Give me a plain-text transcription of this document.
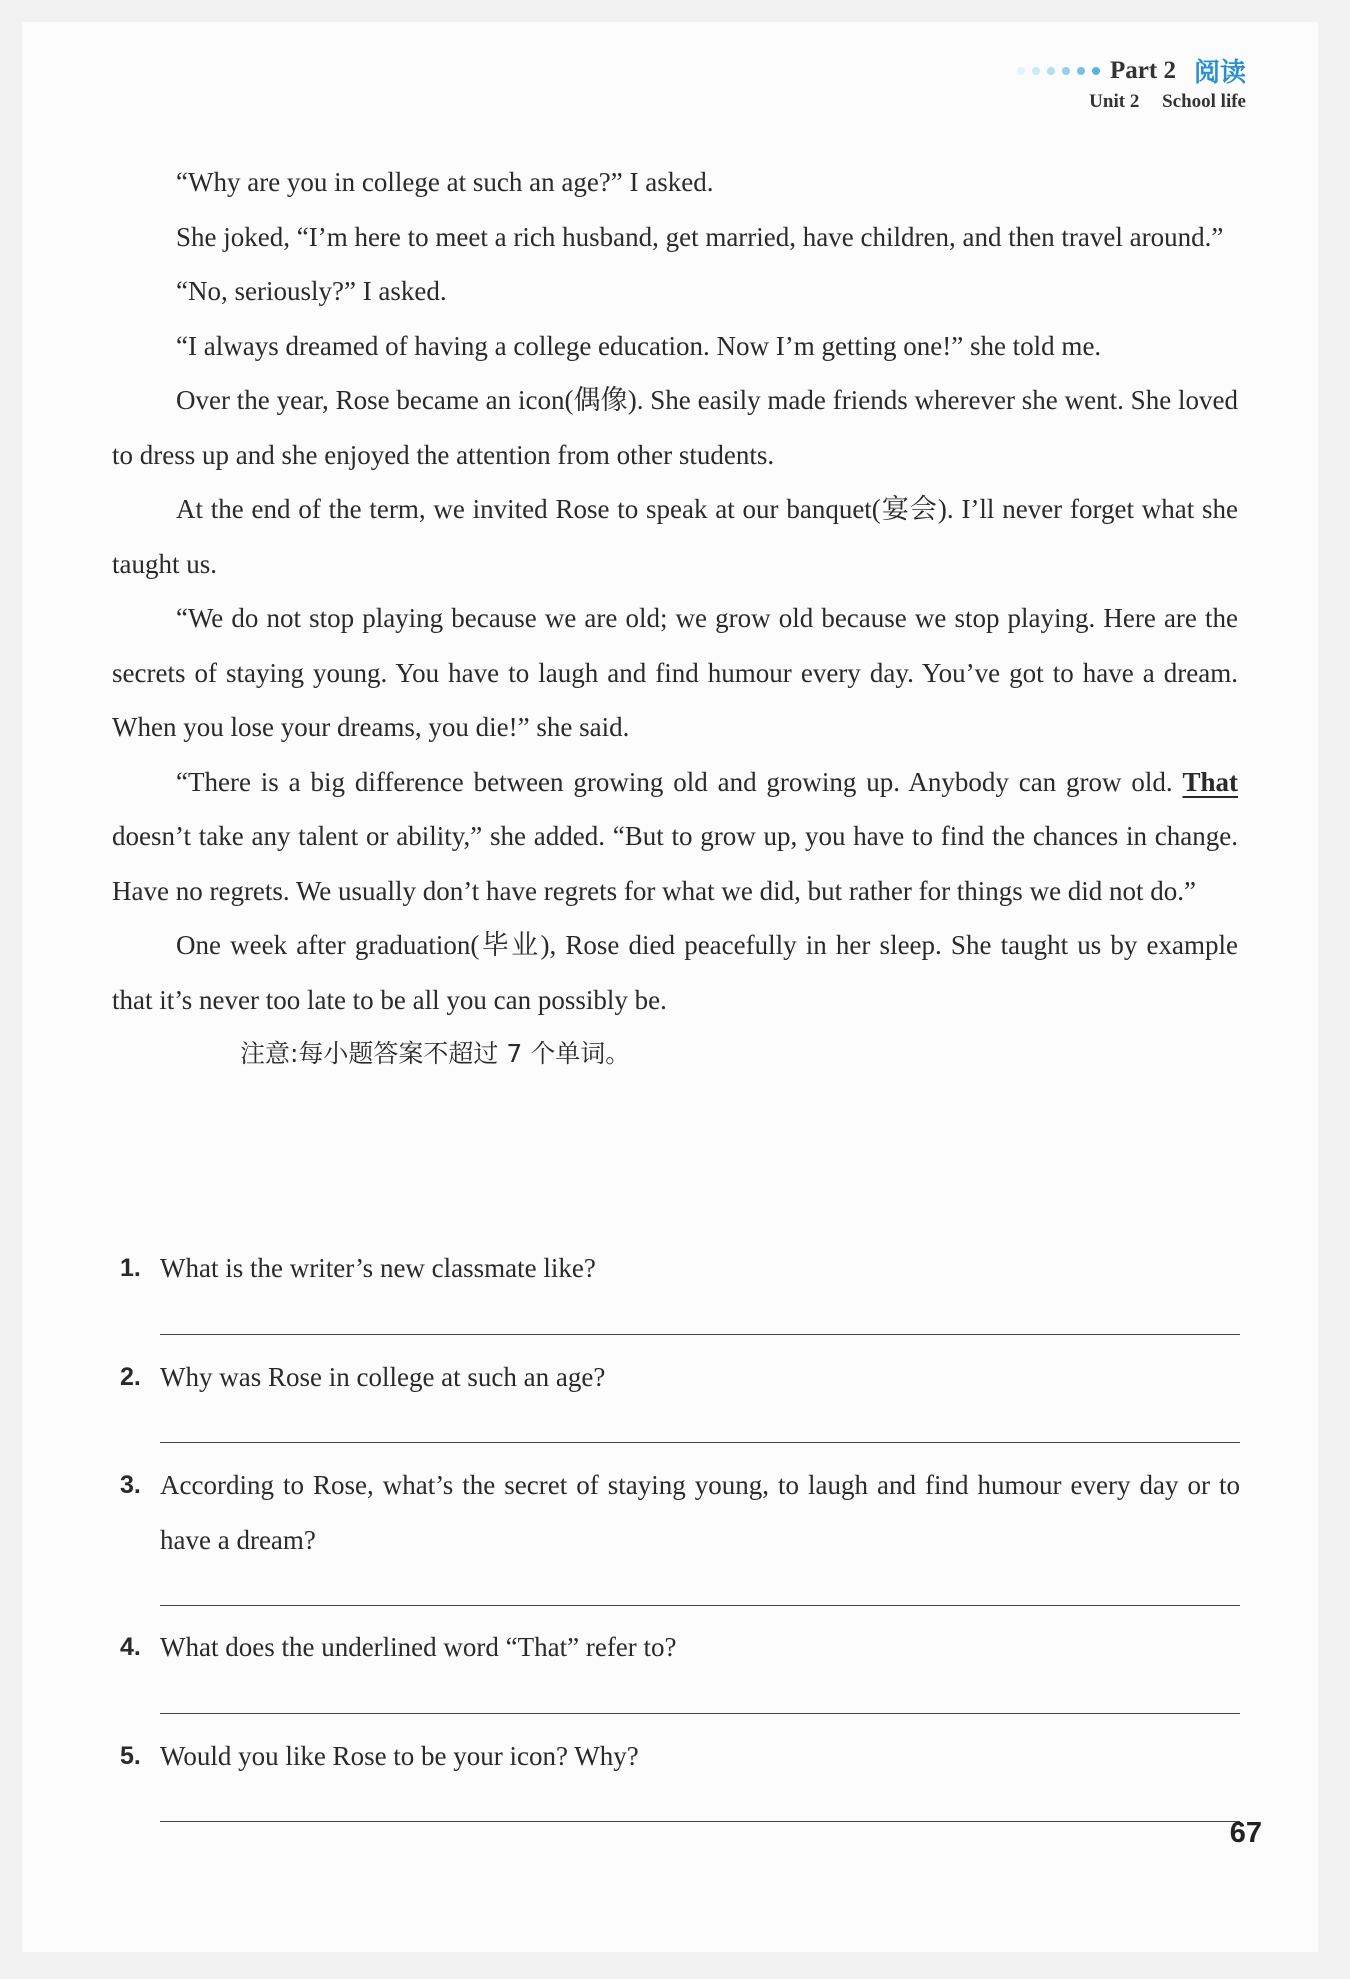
Part 2 阅读
Unit 2 School life

“Why are you in college at such an age?” I asked.

She joked, “I’m here to meet a rich husband, get married, have children, and then travel around.”

“No, seriously?” I asked.

“I always dreamed of having a college education. Now I’m getting one!” she told me.

Over the year, Rose became an icon(偶像). She easily made friends wherever she went. She loved to dress up and she enjoyed the attention from other students.

At the end of the term, we invited Rose to speak at our banquet(宴会). I’ll never forget what she taught us.

“We do not stop playing because we are old; we grow old because we stop playing. Here are the secrets of staying young. You have to laugh and find humour every day. You’ve got to have a dream. When you lose your dreams, you die!” she said.

“There is a big difference between growing old and growing up. Anybody can grow old. That doesn’t take any talent or ability,” she added. “But to grow up, you have to find the chances in change. Have no regrets. We usually don’t have regrets for what we did, but rather for things we did not do.”

One week after graduation(毕业), Rose died peacefully in her sleep. She taught us by example that it’s never too late to be all you can possibly be.

注意:每小题答案不超过 7 个单词。

1. What is the writer’s new classmate like?
2. Why was Rose in college at such an age?
3. According to Rose, what’s the secret of staying young, to laugh and find humour every day or to have a dream?
4. What does the underlined word “That” refer to?
5. Would you like Rose to be your icon? Why?
67
